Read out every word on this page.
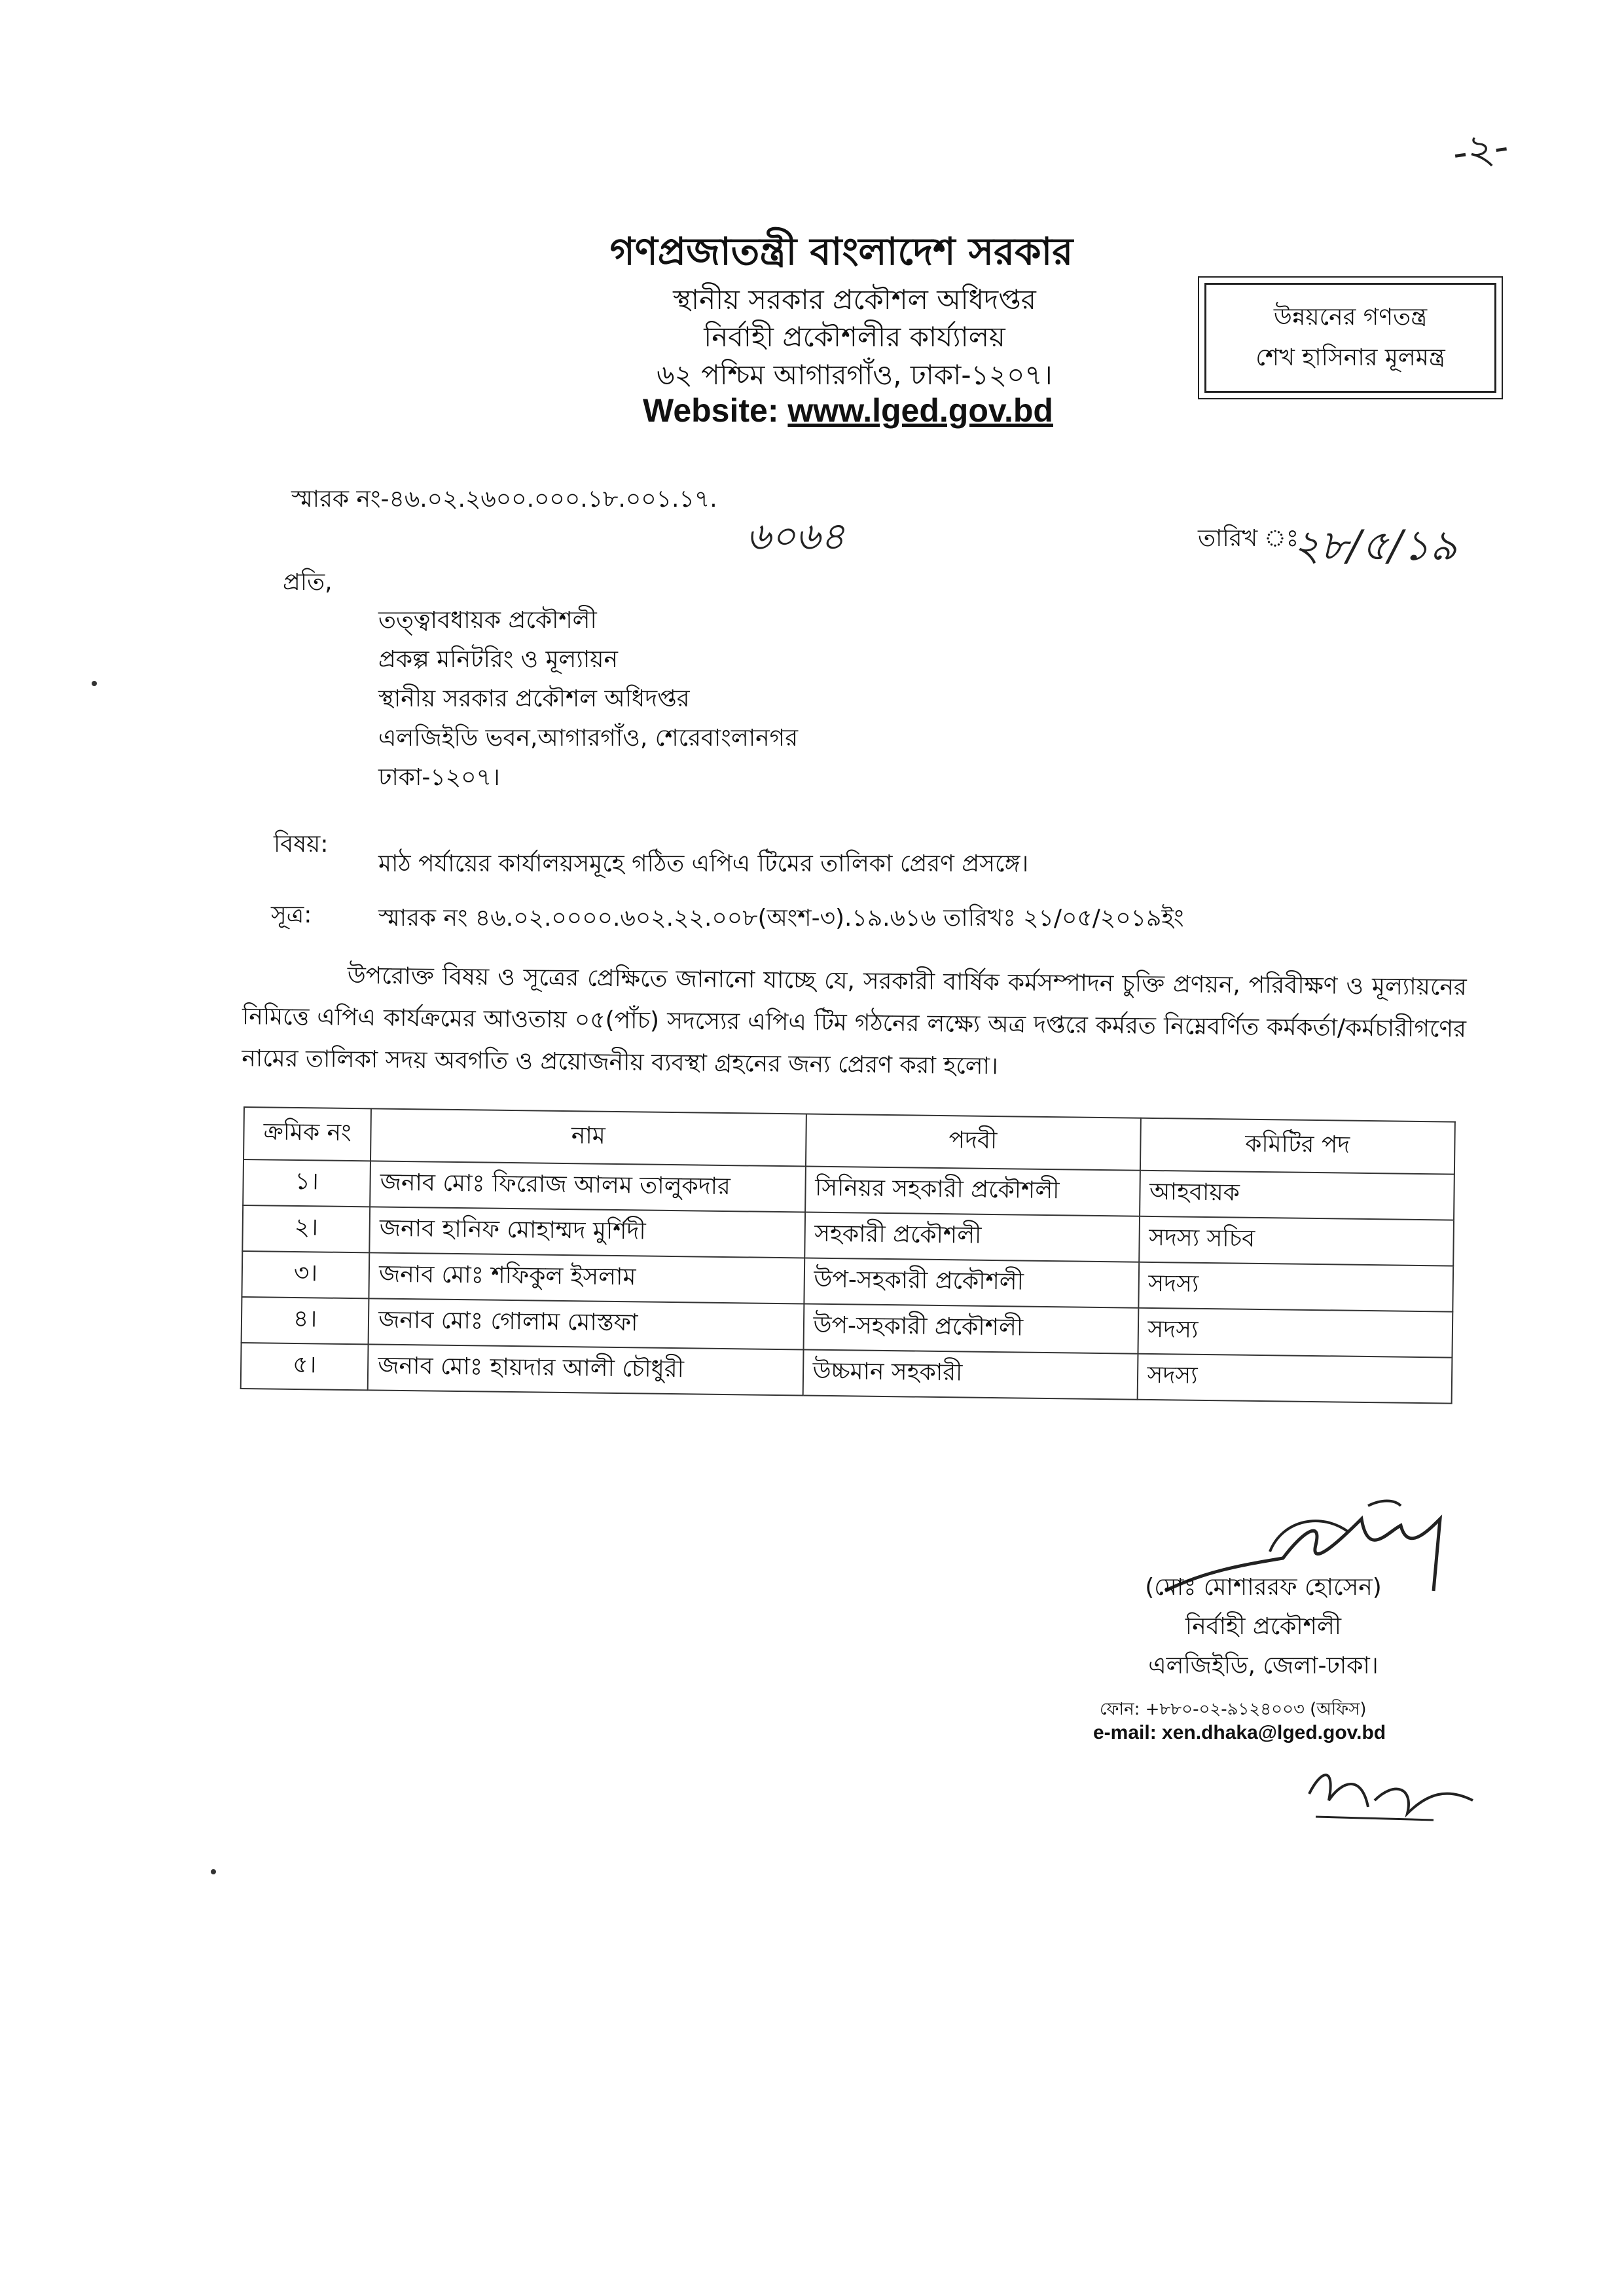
-২-
গণপ্রজাতন্ত্রী বাংলাদেশ সরকার
স্থানীয় সরকার প্রকৌশল অধিদপ্তর
নির্বাহী প্রকৌশলীর কার্য্যালয়
৬২ পশ্চিম আগারগাঁও, ঢাকা-১২০৭।
Website: www.lged.gov.bd
উন্নয়নের গণতন্ত্র
শেখ হাসিনার মূলমন্ত্র
স্মারক নং-৪৬.০২.২৬০০.০০০.১৮.০০১.১৭.
৬০৬৪	তারিখ ঃ
২৮/৫/১৯
প্রতি,
তত্ত্বাবধায়ক প্রকৌশলী
প্রকল্প মনিটরিং ও মূল্যায়ন
স্থানীয় সরকার প্রকৌশল অধিদপ্তর
এলজিইডি ভবন,আগারগাঁও, শেরেবাংলানগর
ঢাকা-১২০৭।
বিষয়:
মাঠ পর্যায়ের কার্যালয়সমূহে গঠিত এপিএ টিমের তালিকা প্রেরণ প্রসঙ্গে।
সূত্র:	স্মারক নং ৪৬.০২.০০০০.৬০২.২২.০০৮(অংশ-৩).১৯.৬১৬ তারিখঃ ২১/০৫/২০১৯ইং
উপরোক্ত বিষয় ও সূত্রের প্রেক্ষিতে জানানো যাচ্ছে যে, সরকারী বার্ষিক কর্মসম্পাদন চুক্তি প্রণয়ন, পরিবীক্ষণ ও মূল্যায়নের নিমিত্তে এপিএ কার্যক্রমের আওতায় ০৫(পাঁচ) সদস্যের এপিএ টিম গঠনের লক্ষ্যে অত্র দপ্তরে কর্মরত নিম্নেবর্ণিত কর্মকর্তা/কর্মচারীগণের নামের তালিকা সদয় অবগতি ও প্রয়োজনীয় ব্যবস্থা গ্রহনের জন্য প্রেরণ করা হলো।
ক্রমিক নং	নাম	পদবী	কমিটির পদ
১।	জনাব মোঃ ফিরোজ আলম তালুকদার	সিনিয়র সহকারী প্রকৌশলী	আহবায়ক
২।	জনাব হানিফ মোহাম্মদ মুর্শিদী	সহকারী প্রকৌশলী	সদস্য সচিব
৩।	জনাব মোঃ শফিকুল ইসলাম	উপ-সহকারী প্রকৌশলী	সদস্য
৪।	জনাব মোঃ গোলাম মোস্তফা	উপ-সহকারী প্রকৌশলী	সদস্য
৫।	জনাব মোঃ হায়দার আলী চৌধুরী	উচ্চমান সহকারী	সদস্য
(মোঃ মোশাররফ হোসেন)
নির্বাহী প্রকৌশলী
এলজিইডি, জেলা-ঢাকা।
ফোন: +৮৮০-০২-৯১২৪০০৩ (অফিস)
e-mail: xen.dhaka@lged.gov.bd
